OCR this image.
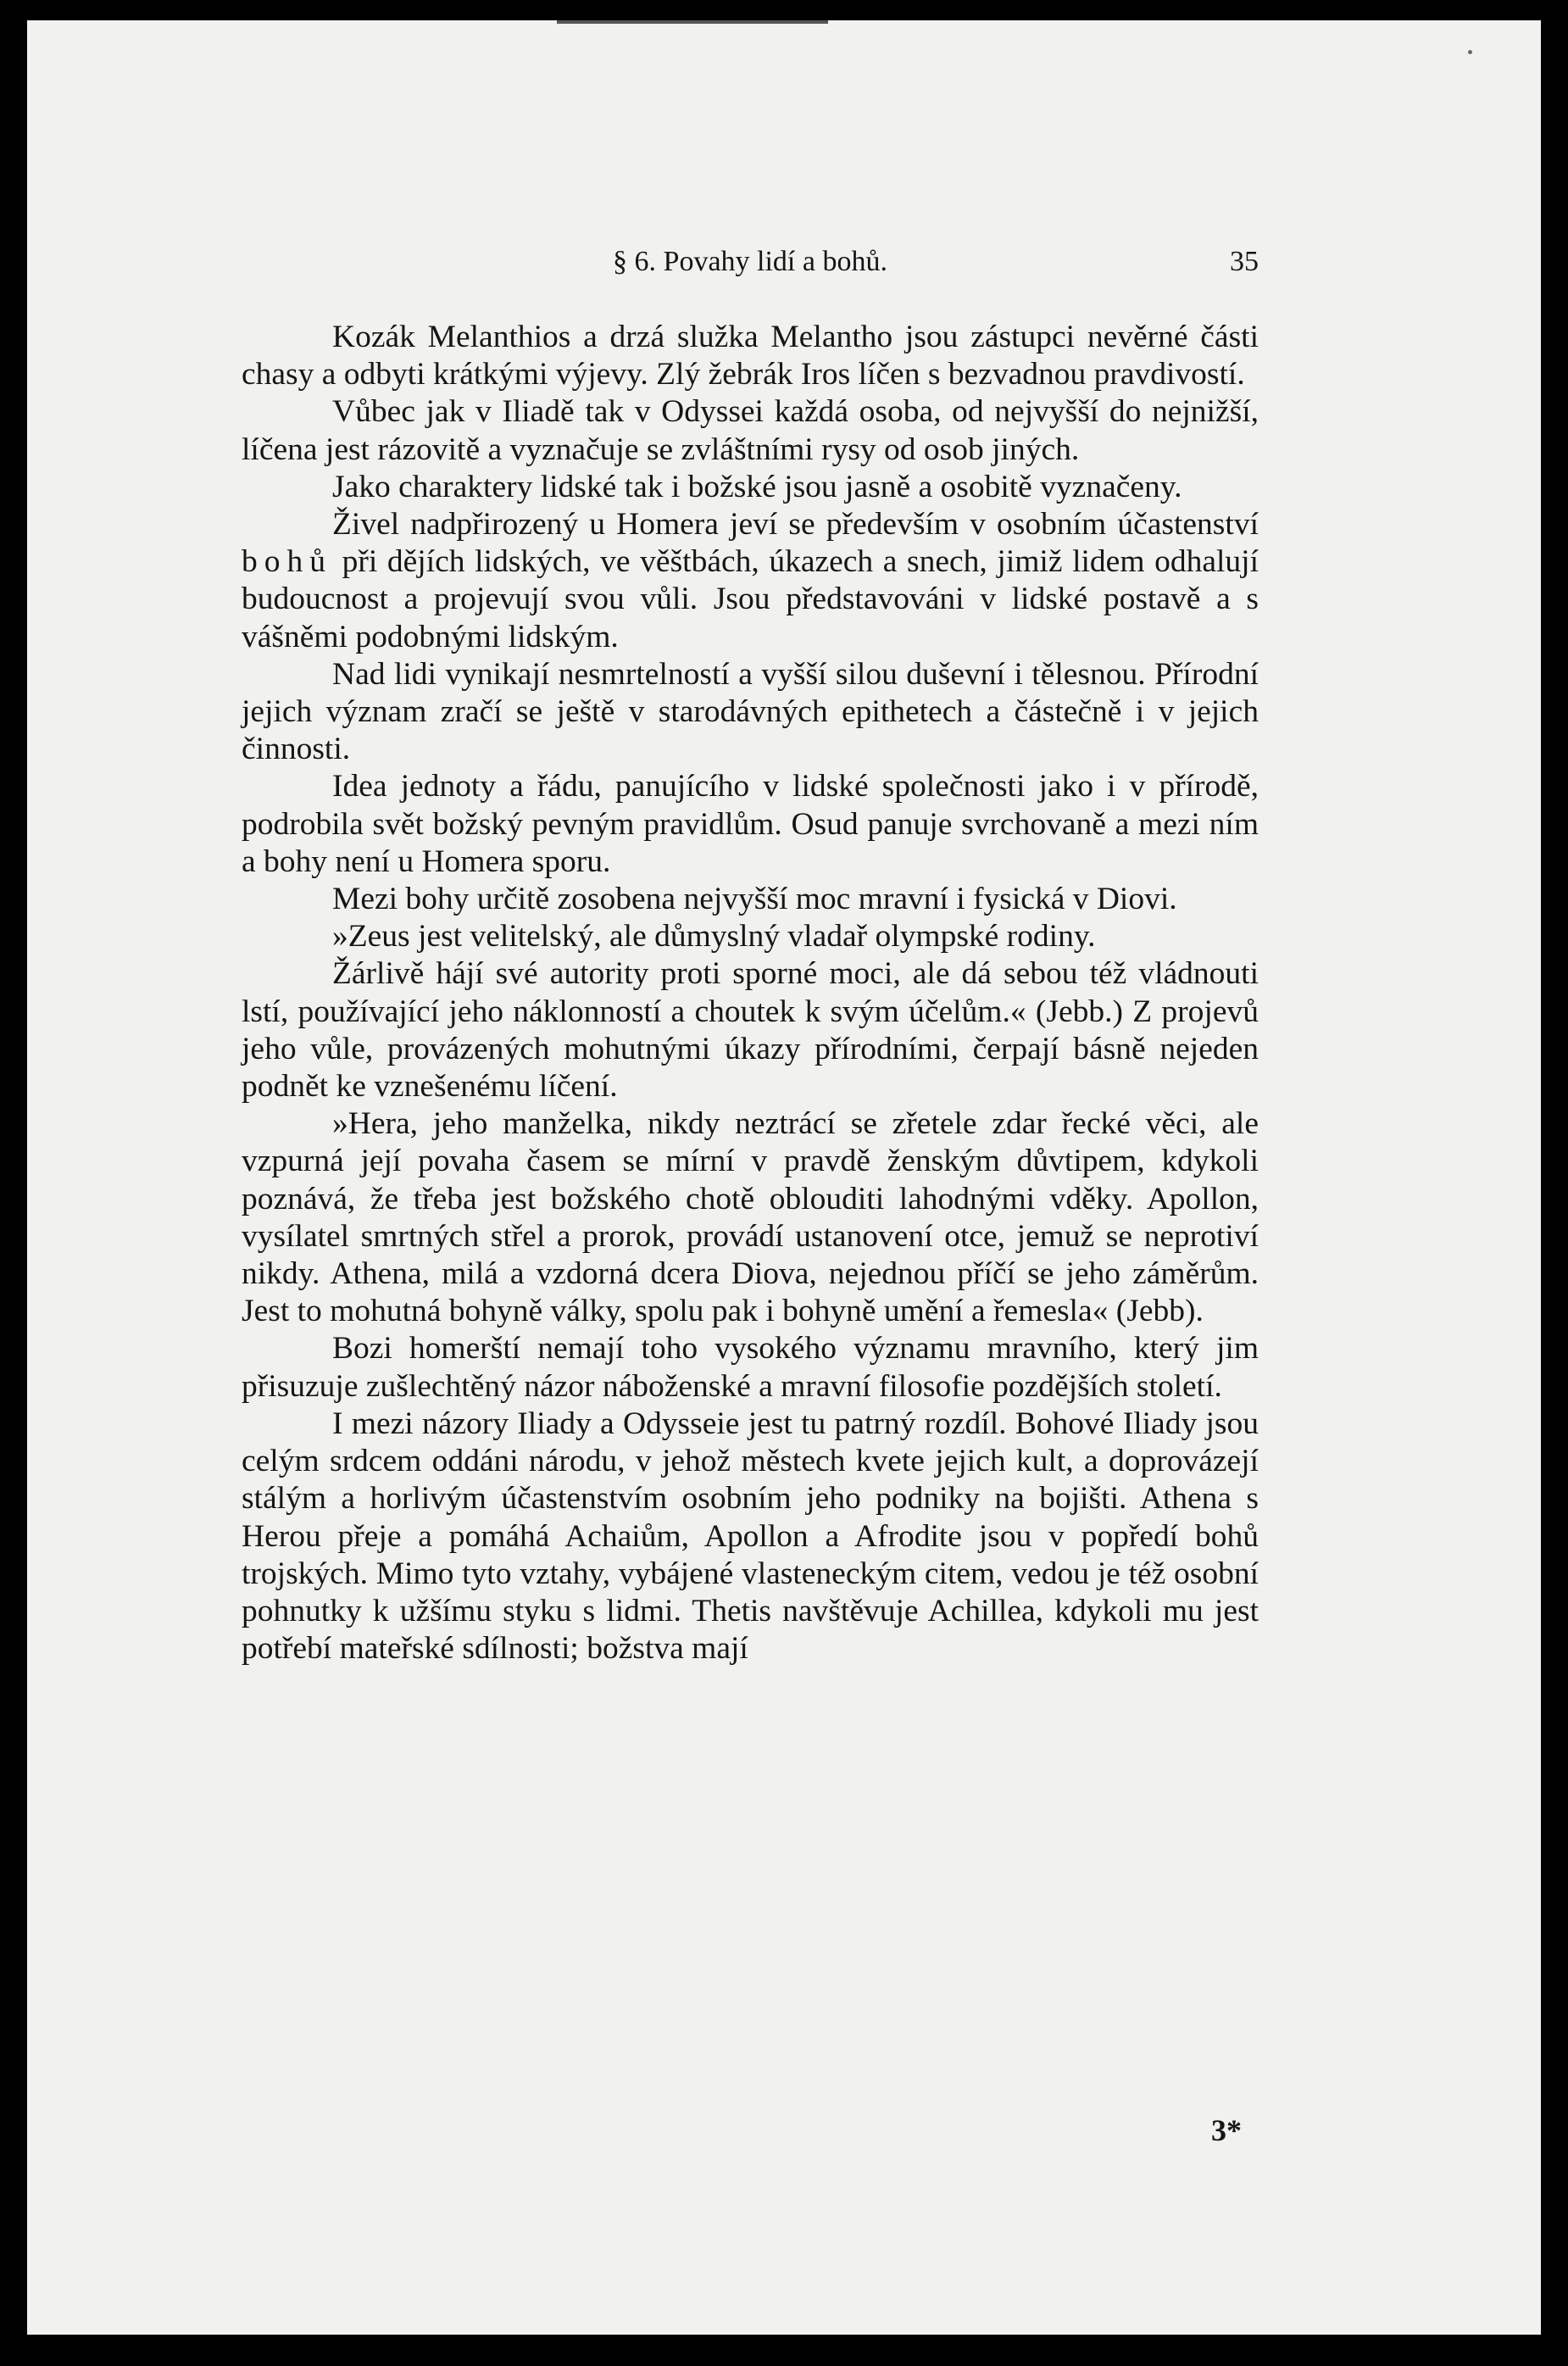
§ 6. Povahy lidí a bohů.	35

Kozák Melanthios a drzá služka Melantho jsou zástupci nevěrné části chasy a odbyti krátkými výjevy. Zlý žebrák Iros líčen s bezvadnou pravdivostí.

Vůbec jak v Iliadě tak v Odyssei každá osoba, od nejvyšší do nejnižší, líčena jest rázovitě a vyznačuje se zvláštními rysy od osob jiných.

Jako charaktery lidské tak i božské jsou jasně a osobitě vyznačeny.

Živel nadpřirozený u Homera jeví se především v osobním účastenství bohů při dějích lidských, ve věštbách, úkazech a snech, jimiž lidem odhalují budoucnost a projevují svou vůli. Jsou představováni v lidské postavě a s vášněmi podobnými lidským.

Nad lidi vynikají nesmrtelností a vyšší silou duševní i tělesnou. Přírodní jejich význam zračí se ještě v starodávných epithetech a částečně i v jejich činnosti.

Idea jednoty a řádu, panujícího v lidské společnosti jako i v přírodě, podrobila svět božský pevným pravidlům. Osud panuje svrchovaně a mezi ním a bohy není u Homera sporu.

Mezi bohy určitě zosobena nejvyšší moc mravní i fysická v Diovi.

»Zeus jest velitelský, ale důmyslný vladař olympské rodiny.

Žárlivě hájí své autority proti sporné moci, ale dá sebou též vládnouti lstí, používající jeho náklonností a choutek k svým účelům.« (Jebb.) Z projevů jeho vůle, provázených mohutnými úkazy přírodními, čerpají básně nejeden podnět ke vznešenému líčení.

»Hera, jeho manželka, nikdy neztrácí se zřetele zdar řecké věci, ale vzpurná její povaha časem se mírní v pravdě ženským důvtipem, kdykoli poznává, že třeba jest božského chotě oblouditi lahodnými vděky. Apollon, vysílatel smrtných střel a prorok, provádí ustanovení otce, jemuž se neprotiví nikdy. Athena, milá a vzdorná dcera Diova, nejednou příčí se jeho záměrům. Jest to mohutná bohyně války, spolu pak i bohyně umění a řemesla« (Jebb).

Bozi homerští nemají toho vysokého významu mravního, který jim přisuzuje zušlechtěný názor náboženské a mravní filosofie pozdějších století.

I mezi názory Iliady a Odysseie jest tu patrný rozdíl. Bohové Iliady jsou celým srdcem oddáni národu, v jehož městech kvete jejich kult, a doprovázejí stálým a horlivým účastenstvím osobním jeho podniky na bojišti. Athena s Herou přeje a pomáhá Achaiům, Apollon a Afrodite jsou v popředí bohů trojských. Mimo tyto vztahy, vybájené vlasteneckým citem, vedou je též osobní pohnutky k užšímu styku s lidmi. Thetis navštěvuje Achillea, kdykoli mu jest potřebí mateřské sdílnosti; božstva mají

3*
